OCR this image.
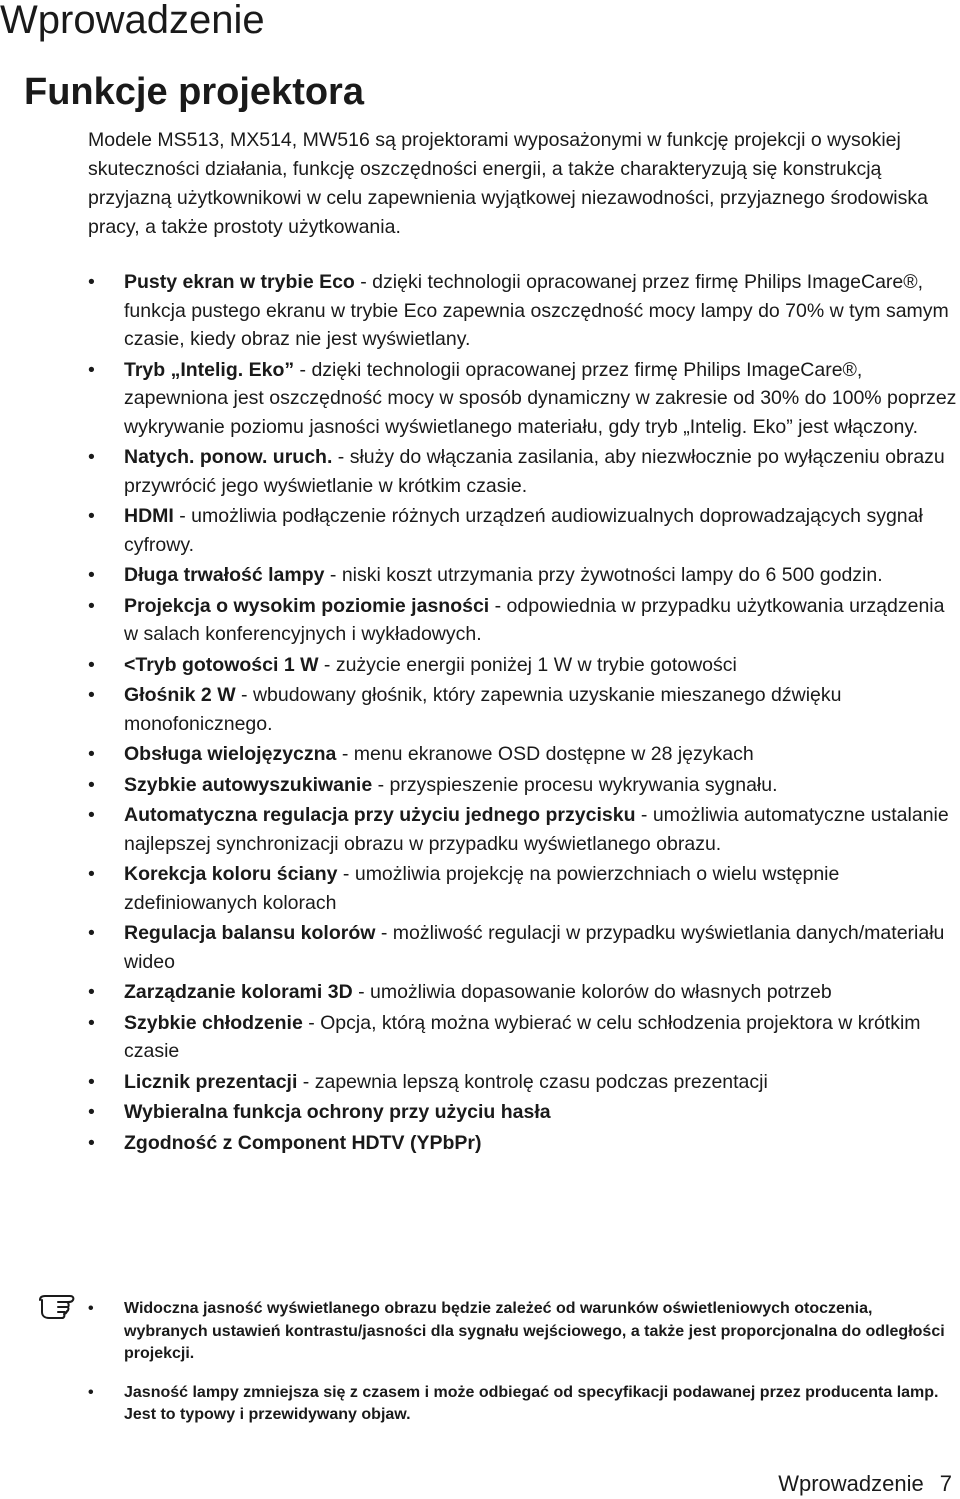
Wprowadzenie
Funkcje projektora

Modele MS513, MX514, MW516 są projektorami wyposażonymi w funkcję projekcji o wysokiej skuteczności działania, funkcję oszczędności energii, a także charakteryzują się konstrukcją przyjazną użytkownikowi w celu zapewnienia wyjątkowej niezawodności, przyjaznego środowiska pracy, a także prostoty użytkowania.

• Pusty ekran w trybie Eco - dzięki technologii opracowanej przez firmę Philips ImageCare®, funkcja pustego ekranu w trybie Eco zapewnia oszczędność mocy lampy do 70% w tym samym czasie, kiedy obraz nie jest wyświetlany.
• Tryb „Intelig. Eko” - dzięki technologii opracowanej przez firmę Philips ImageCare®, zapewniona jest oszczędność mocy w sposób dynamiczny w zakresie od 30% do 100% poprzez wykrywanie poziomu jasności wyświetlanego materiału, gdy tryb „Intelig. Eko” jest włączony.
• Natych. ponow. uruch. - służy do włączania zasilania, aby niezwłocznie po wyłączeniu obrazu przywrócić jego wyświetlanie w krótkim czasie.
• HDMI - umożliwia podłączenie różnych urządzeń audiowizualnych doprowadzających sygnał cyfrowy.
• Długa trwałość lampy - niski koszt utrzymania przy żywotności lampy do 6 500 godzin.
• Projekcja o wysokim poziomie jasności - odpowiednia w przypadku użytkowania urządzenia w salach konferencyjnych i wykładowych.
• <Tryb gotowości 1 W - zużycie energii poniżej 1 W w trybie gotowości
• Głośnik 2 W - wbudowany głośnik, który zapewnia uzyskanie mieszanego dźwięku monofonicznego.
• Obsługa wielojęzyczna - menu ekranowe OSD dostępne w 28 językach
• Szybkie autowyszukiwanie - przyspieszenie procesu wykrywania sygnału.
• Automatyczna regulacja przy użyciu jednego przycisku - umożliwia automatyczne ustalanie najlepszej synchronizacji obrazu w przypadku wyświetlanego obrazu.
• Korekcja koloru ściany - umożliwia projekcję na powierzchniach o wielu wstępnie zdefiniowanych kolorach
• Regulacja balansu kolorów - możliwość regulacji w przypadku wyświetlania danych/materiału wideo
• Zarządzanie kolorami 3D - umożliwia dopasowanie kolorów do własnych potrzeb
• Szybkie chłodzenie - Opcja, którą można wybierać w celu schłodzenia projektora w krótkim czasie
• Licznik prezentacji - zapewnia lepszą kontrolę czasu podczas prezentacji
• Wybieralna funkcja ochrony przy użyciu hasła
• Zgodność z Component HDTV (YPbPr)
• Widoczna jasność wyświetlanego obrazu będzie zależeć od warunków oświetleniowych otoczenia, wybranych ustawień kontrastu/jasności dla sygnału wejściowego, a także jest proporcjonalna do odległości projekcji.
• Jasność lampy zmniejsza się z czasem i może odbiegać od specyfikacji podawanej przez producenta lamp. Jest to typowy i przewidywany objaw.
Wprowadzenie 7
